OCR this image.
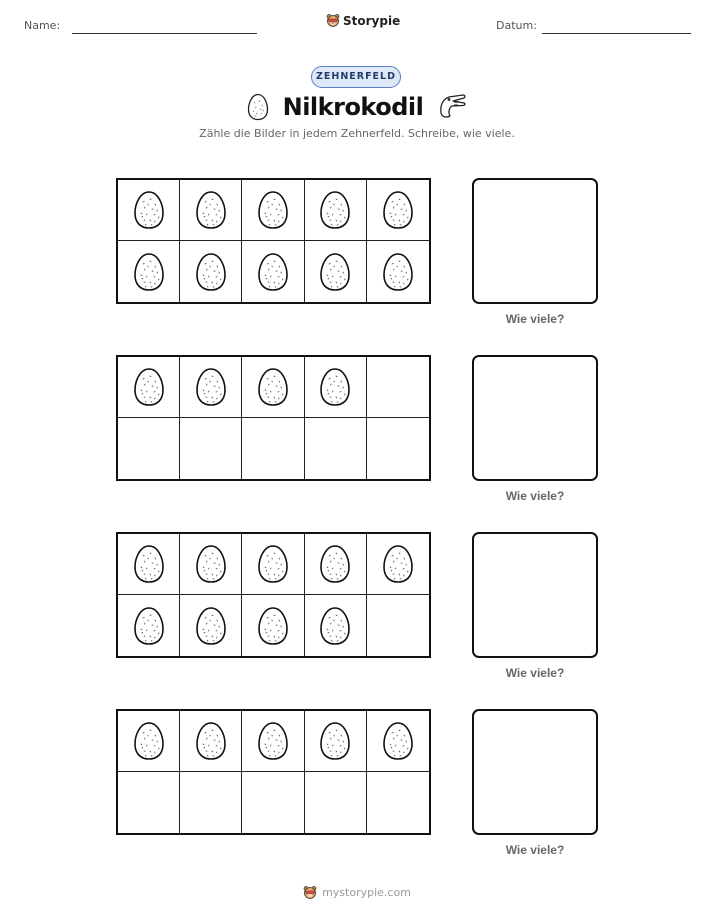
Name:	Storypie	Datum:
ZEHNERFELD
Nilkrokodil
Zähle die Bilder in jedem Zehnerfeld. Schreibe, wie viele.
Wie viele?
Wie viele?
Wie viele?
Wie viele?
mystorypie.com
